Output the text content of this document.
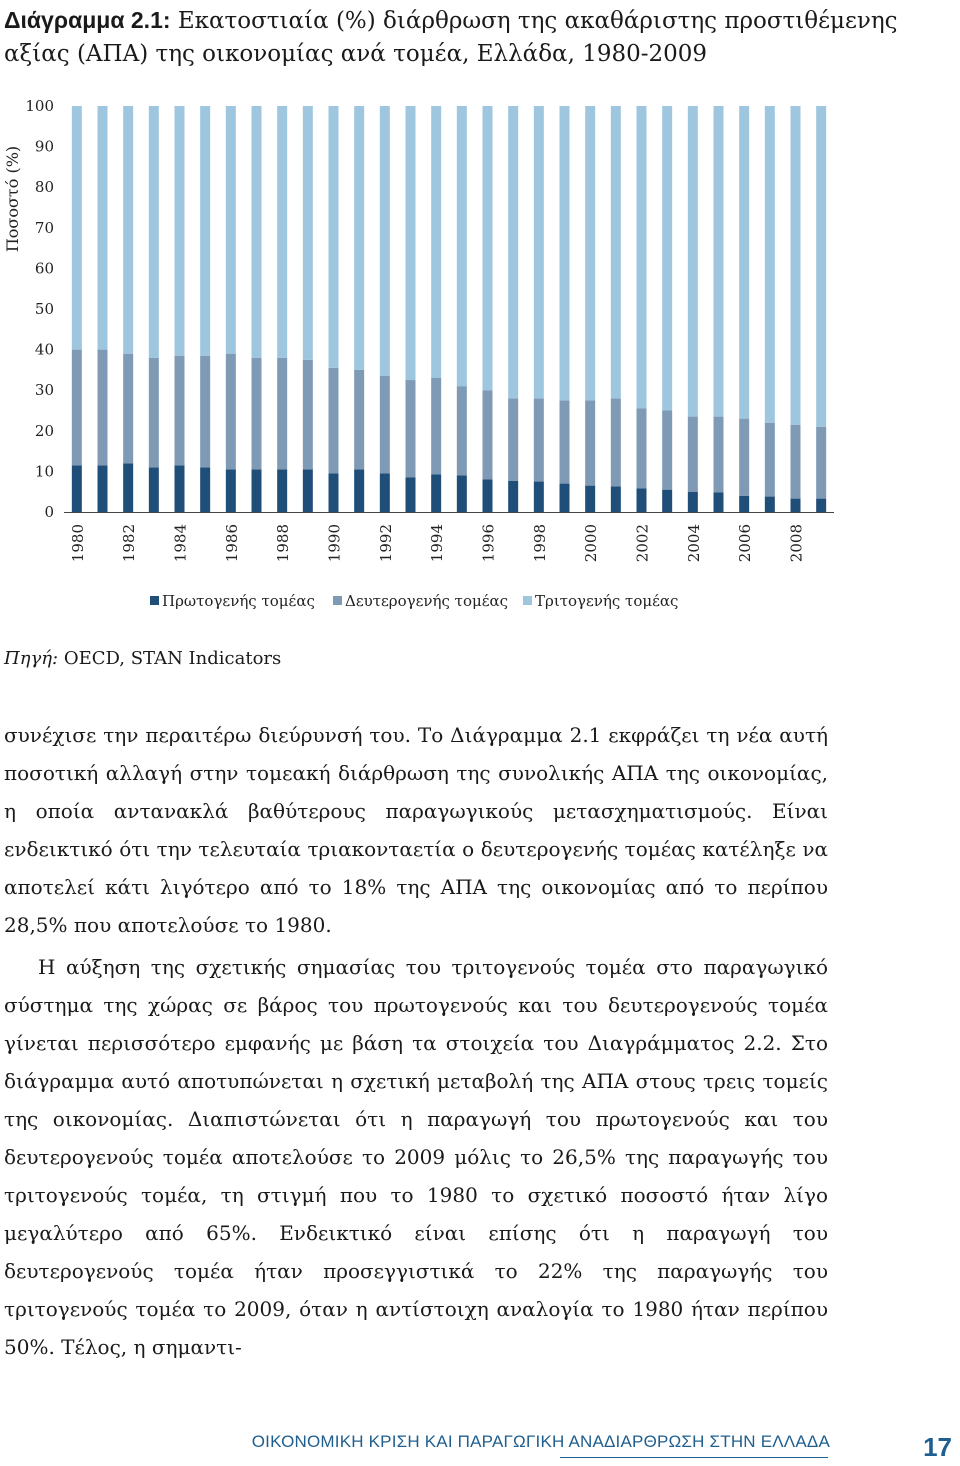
Διάγραμμα 2.1: Εκατοστιαία (%) διάρθρωση της ακαθάριστης προστιθέμενης αξίας (ΑΠΑ) της οικονομίας ανά τομέα, Ελλάδα, 1980-2009
0
10
20
30
40
50
60
70
80
90
100
Ποσοστό (%)
1980 1982 1984 1986 1988 1990 1992 1994 1996 1998 2000 2002 2004 2006 2008
Πρωτογενής τομέας Δευτερογενής τομέας Τριτογενής τομέας
Πηγή: OECD, STAN Indicators

συνέχισε την περαιτέρω διεύρυνσή του. Το Διάγραμμα 2.1 εκφράζει τη νέα αυτή ποσοτική αλλαγή στην τομεακή διάρθρωση της συνολικής ΑΠΑ της οικονομίας, η οποία αντανακλά βαθύτερους παραγωγικούς μετασχηματισμούς. Είναι ενδεικτικό ότι την τελευταία τριακονταετία ο δευτερογενής τομέας κατέληξε να αποτελεί κάτι λιγότερο από το 18% της ΑΠΑ της οικονομίας από το περίπου 28,5% που αποτελούσε το 1980.

Η αύξηση της σχετικής σημασίας του τριτογενούς τομέα στο παραγωγικό σύστημα της χώρας σε βάρος του πρωτογενούς και του δευτερογενούς τομέα γίνεται περισσότερο εμφανής με βάση τα στοιχεία του Διαγράμματος 2.2. Στο διάγραμμα αυτό αποτυπώνεται η σχετική μεταβολή της ΑΠΑ στους τρεις τομείς της οικονομίας. Διαπιστώνεται ότι η παραγωγή του πρωτογενούς και του δευτερογενούς τομέα αποτελούσε το 2009 μόλις το 26,5% της παραγωγής του τριτογενούς τομέα, τη στιγμή που το 1980 το σχετικό ποσοστό ήταν λίγο μεγαλύτερο από 65%. Ενδεικτικό είναι επίσης ότι η παραγωγή του δευτερογενούς τομέα ήταν προσεγγιστικά το 22% της παραγωγής του τριτογενούς τομέα το 2009, όταν η αντίστοιχη αναλογία το 1980 ήταν περίπου 50%. Τέλος, η σημαντι-

ΟΙΚΟΝΟΜΙΚΗ ΚΡΙΣΗ ΚΑΙ ΠΑΡΑΓΩΓΙΚΗ ΑΝΑΔΙΑΡΘΡΩΣΗ ΣΤΗΝ ΕΛΛΑΔΑ	17
